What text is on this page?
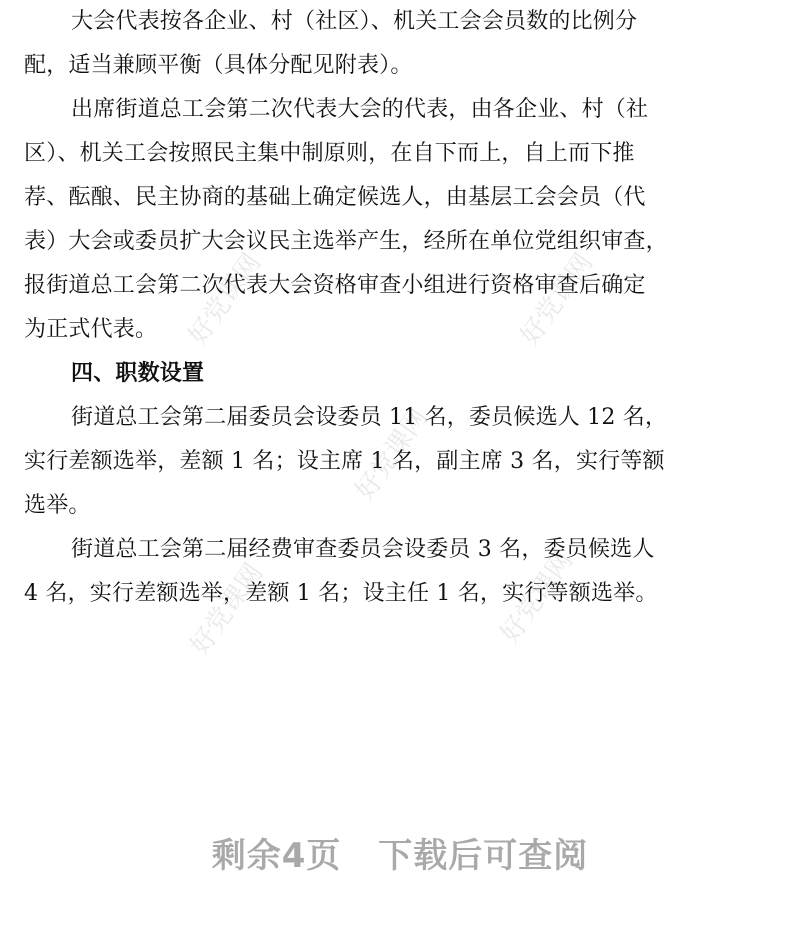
好党课网	好党课网
好党课网
好党课网	好党课网
大会代表按各企业、村（社区）、机关工会会员数的比例分
配，适当兼顾平衡（具体分配见附表）。
出席街道总工会第二次代表大会的代表，由各企业、村（社
区）、机关工会按照民主集中制原则，在自下而上，自上而下推
荐、酝酿、民主协商的基础上确定候选人，由基层工会会员（代
表）大会或委员扩大会议民主选举产生，经所在单位党组织审查，
报街道总工会第二次代表大会资格审查小组进行资格审查后确定
为正式代表。
四、职数设置
街道总工会第二届委员会设委员 11 名，委员候选人 12 名，
实行差额选举，差额 1 名；设主席 1 名，副主席 3 名，实行等额
选举。
街道总工会第二届经费审查委员会设委员 3 名，委员候选人
4 名，实行差额选举，差额 1 名；设主任 1 名，实行等额选举。
剩余4页 下载后可查阅
